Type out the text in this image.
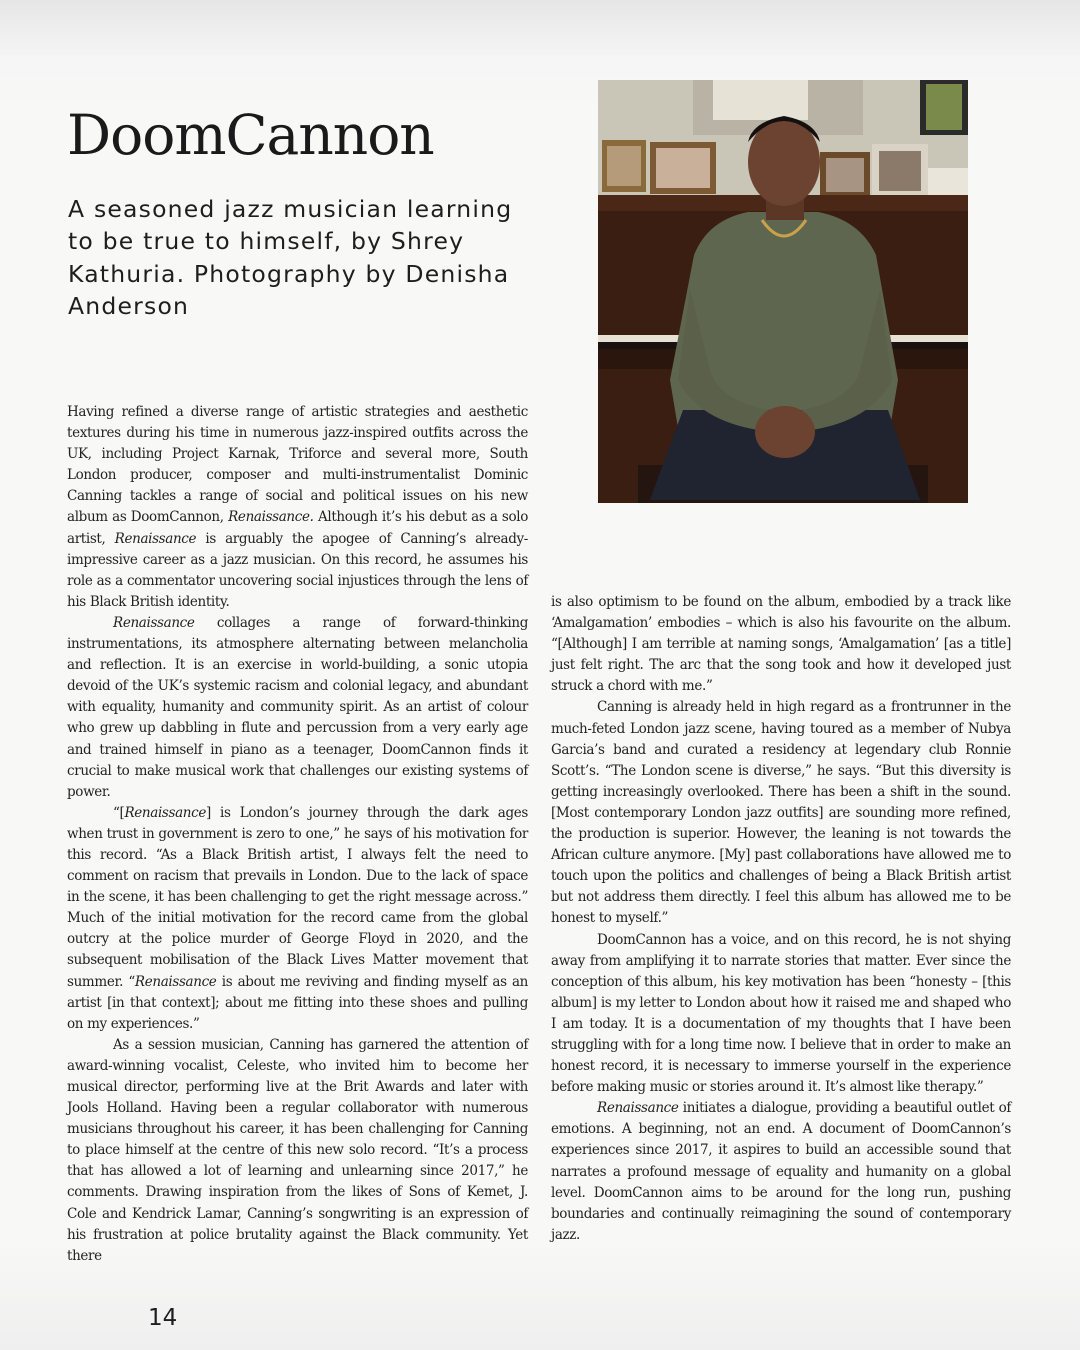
DoomCannon
A seasoned jazz musician learning to be true to himself, by Shrey Kathuria. Photography by Denisha Anderson

Having refined a diverse range of artistic strategies and aesthetic textures during his time in numerous jazz-inspired outfits across the UK, including Project Karnak, Triforce and several more, South London producer, composer and multi-instrumentalist Dominic Canning tackles a range of social and political issues on his new album as DoomCannon, Renaissance. Although it’s his debut as a solo artist, Renaissance is arguably the apogee of Canning’s already-impressive career as a jazz musician. On this record, he assumes his role as a commentator uncovering social injustices through the lens of his Black British identity.

Renaissance collages a range of forward-thinking instrumentations, its atmosphere alternating between melancholia and reflection. It is an exercise in world-building, a sonic utopia devoid of the UK’s systemic racism and colonial legacy, and abundant with equality, humanity and community spirit. As an artist of colour who grew up dabbling in flute and percussion from a very early age and trained himself in piano as a teenager, DoomCannon finds it crucial to make musical work that challenges our existing systems of power.

“[Renaissance] is London’s journey through the dark ages when trust in government is zero to one,” he says of his motivation for this record. “As a Black British artist, I always felt the need to comment on racism that prevails in London. Due to the lack of space in the scene, it has been challenging to get the right message across.” Much of the initial motivation for the record came from the global outcry at the police murder of George Floyd in 2020, and the subsequent mobilisation of the Black Lives Matter movement that summer. “Renaissance is about me reviving and finding myself as an artist [in that context]; about me fitting into these shoes and pulling on my experiences.”

As a session musician, Canning has garnered the attention of award-winning vocalist, Celeste, who invited him to become her musical director, performing live at the Brit Awards and later with Jools Holland. Having been a regular collaborator with numerous musicians throughout his career, it has been challenging for Canning to place himself at the centre of this new solo record. “It’s a process that has allowed a lot of learning and unlearning since 2017,” he comments. Drawing inspiration from the likes of Sons of Kemet, J. Cole and Kendrick Lamar, Canning’s songwriting is an expression of his frustration at police brutality against the Black community. Yet there

is also optimism to be found on the album, embodied by a track like ‘Amalgamation’ embodies – which is also his favourite on the album. “[Although] I am terrible at naming songs, ‘Amalgamation’ [as a title] just felt right. The arc that the song took and how it developed just struck a chord with me.”

Canning is already held in high regard as a frontrunner in the much-feted London jazz scene, having toured as a member of Nubya Garcia’s band and curated a residency at legendary club Ronnie Scott’s. “The London scene is diverse,” he says. “But this diversity is getting increasingly overlooked. There has been a shift in the sound. [Most contemporary London jazz outfits] are sounding more refined, the production is superior. However, the leaning is not towards the African culture anymore. [My] past collaborations have allowed me to touch upon the politics and challenges of being a Black British artist but not address them directly. I feel this album has allowed me to be honest to myself.”

DoomCannon has a voice, and on this record, he is not shying away from amplifying it to narrate stories that matter. Ever since the conception of this album, his key motivation has been “honesty – [this album] is my letter to London about how it raised me and shaped who I am today. It is a documentation of my thoughts that I have been struggling with for a long time now. I believe that in order to make an honest record, it is necessary to immerse yourself in the experience before making music or stories around it. It’s almost like therapy.”

Renaissance initiates a dialogue, providing a beautiful outlet of emotions. A beginning, not an end. A document of DoomCannon’s experiences since 2017, it aspires to build an accessible sound that narrates a profound message of equality and humanity on a global level. DoomCannon aims to be around for the long run, pushing boundaries and continually reimagining the sound of contemporary jazz.

14
